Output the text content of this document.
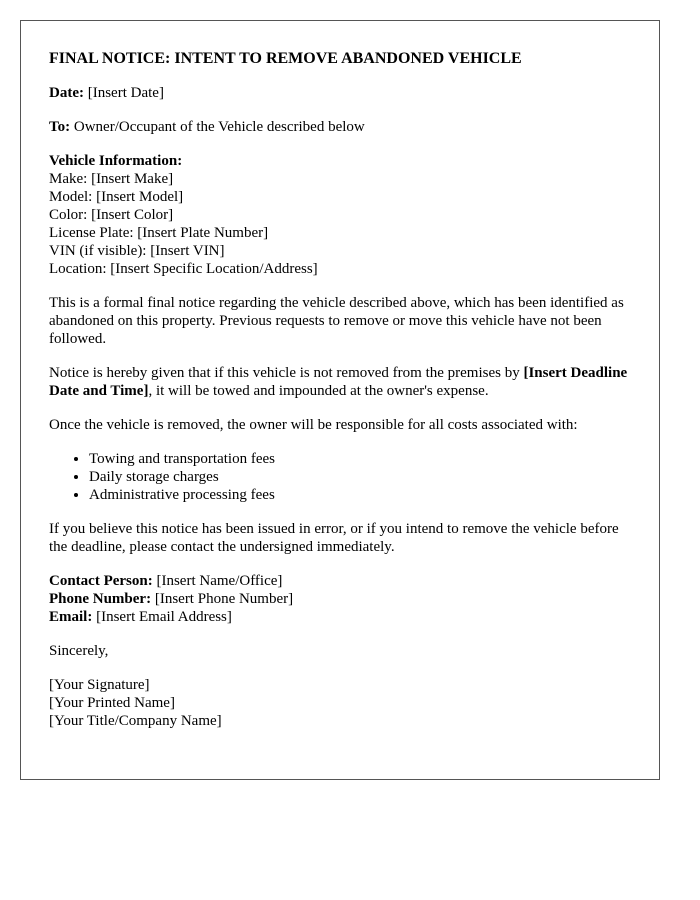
FINAL NOTICE: INTENT TO REMOVE ABANDONED VEHICLE

Date: [Insert Date]

To: Owner/Occupant of the Vehicle described below

Vehicle Information:
Make: [Insert Make]
Model: [Insert Model]
Color: [Insert Color]
License Plate: [Insert Plate Number]
VIN (if visible): [Insert VIN]
Location: [Insert Specific Location/Address]

This is a formal final notice regarding the vehicle described above, which has been identified as abandoned on this property. Previous requests to remove or move this vehicle have not been followed.

Notice is hereby given that if this vehicle is not removed from the premises by [Insert Deadline Date and Time], it will be towed and impounded at the owner's expense.

Once the vehicle is removed, the owner will be responsible for all costs associated with:

• Towing and transportation fees
• Daily storage charges
• Administrative processing fees

If you believe this notice has been issued in error, or if you intend to remove the vehicle before the deadline, please contact the undersigned immediately.

Contact Person: [Insert Name/Office]
Phone Number: [Insert Phone Number]
Email: [Insert Email Address]

Sincerely,

[Your Signature]
[Your Printed Name]
[Your Title/Company Name]
